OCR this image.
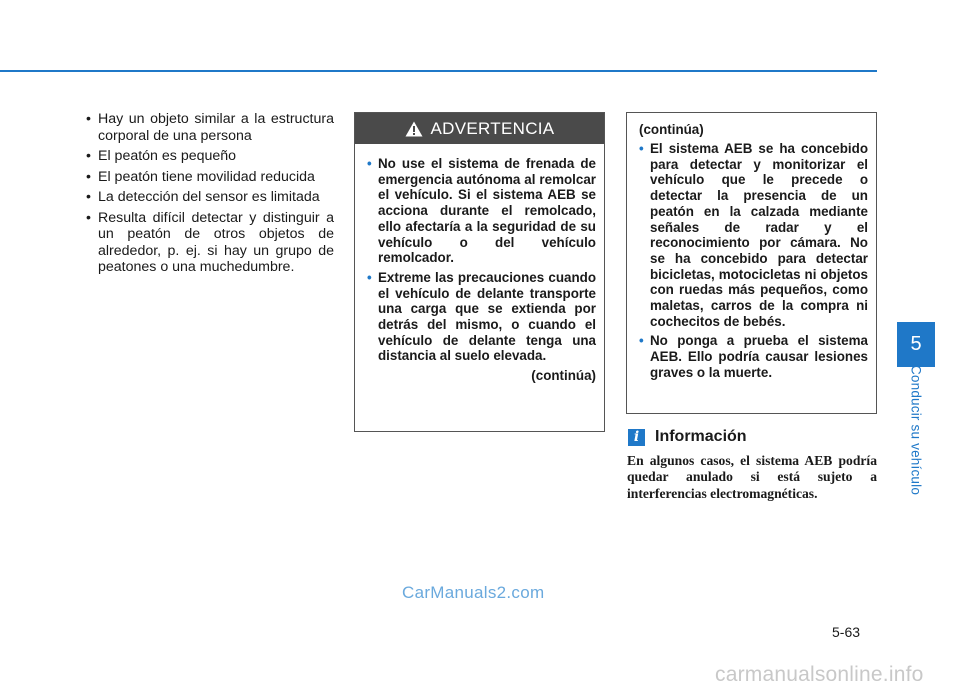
• Hay un objeto similar a la estructura corporal de una persona
• El peatón es pequeño
• El peatón tiene movilidad reducida
• La detección del sensor es limitada
• Resulta difícil detectar y distinguir a un peatón de otros objetos de alrededor, p. ej. si hay un grupo de peatones o una muchedumbre.
ADVERTENCIA
• No use el sistema de frenada de emergencia autónoma al remolcar el vehículo. Si el sistema AEB se acciona durante el remolcado, ello afectaría a la seguridad de su vehículo o del vehículo remolcador.
• Extreme las precauciones cuando el vehículo de delante transporte una carga que se extienda por detrás del mismo, o cuando el vehículo de delante tenga una distancia al suelo elevada.
(continúa)
(continúa)
• El sistema AEB se ha concebido para detectar y monitorizar el vehículo que le precede o detectar la presencia de un peatón en la calzada mediante señales de radar y el reconocimiento por cámara. No se ha concebido para detectar bicicletas, motocicletas ni objetos con ruedas más pequeños, como maletas, carros de la compra ni cochecitos de bebés.
• No ponga a prueba el sistema AEB. Ello podría causar lesiones graves o la muerte.
i Información
En algunos casos, el sistema AEB podría quedar anulado si está sujeto a interferencias electromagnéticas.
5
Conducir su vehículo
5-63
CarManuals2.com
carmanualsonline.info
